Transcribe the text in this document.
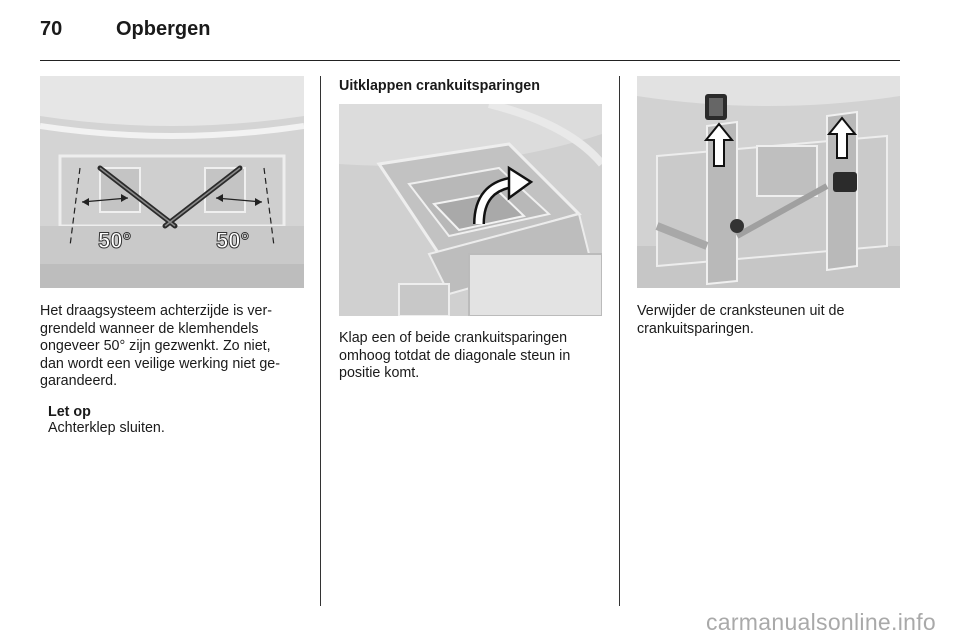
70	Opbergen
50°	50°
Het draagsysteem achterzijde is ver-
grendeld wanneer de klemhendels
ongeveer 50° zijn gezwenkt. Zo niet,
dan wordt een veilige werking niet ge-
garandeerd.
Let op
Achterklep sluiten.
Uitklappen crankuitsparingen
Klap een of beide crankuitsparingen
omhoog totdat de diagonale steun in
positie komt.
Verwijder de cranksteunen uit de
crankuitsparingen.
carmanualsonline.info
